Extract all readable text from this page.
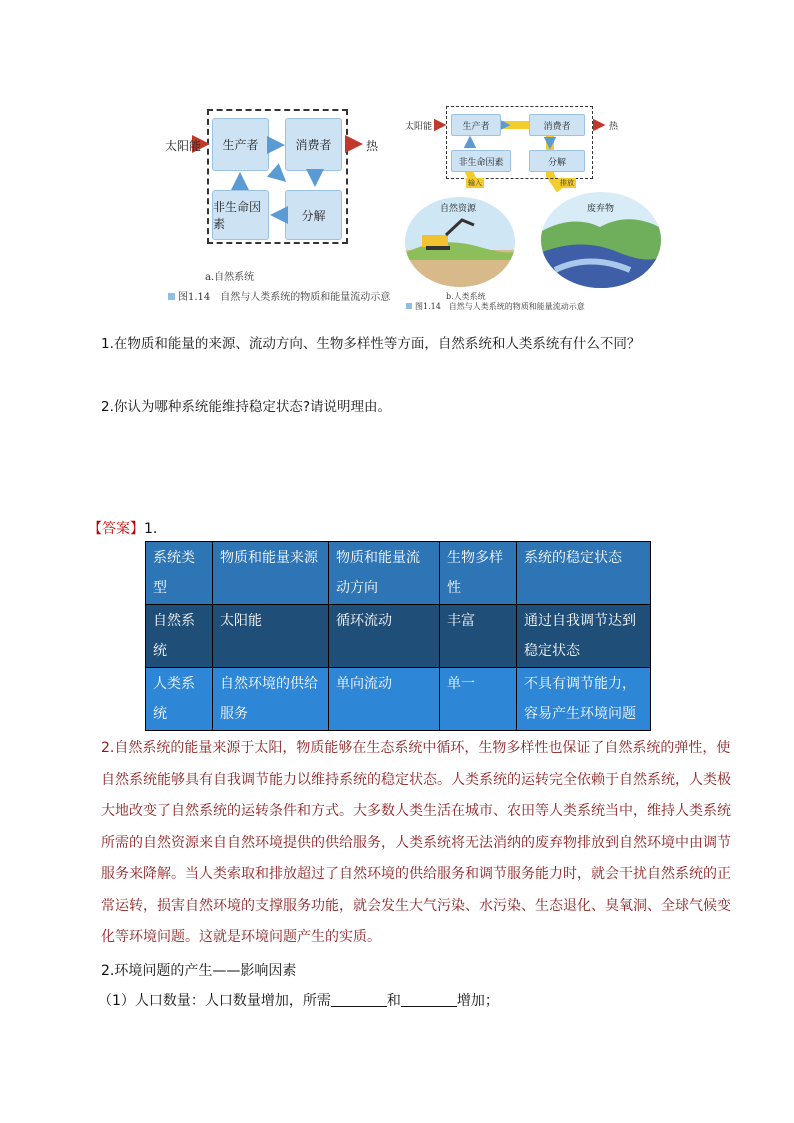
生产者	消费者
非生命因素
分解
太阳能	热
a.自然系统
图1.14　自然与人类系统的物质和能量流动示意
生产者	消费者
非生命因素	分解
太阳能	热
输入	排放
自然资源	废弃物
b.人类系统
图1.14　自然与人类系统的物质和能量流动示意
1.在物质和能量的来源、流动方向、生物多样性等方面，自然系统和人类系统有什么不同？
2.你认为哪种系统能维持稳定状态?请说明理由。
【答案】1.
系统类型	物质和能量来源	物质和能量流动方向	生物多样性	系统的稳定状态
自然系统	太阳能	循环流动	丰富	通过自我调节达到稳定状态
人类系统	自然环境的供给服务	单向流动	单一	不具有调节能力，容易产生环境问题
2.自然系统的能量来源于太阳，物质能够在生态系统中循环，生物多样性也保证了自然系统的弹性，使自然系统能够具有自我调节能力以维持系统的稳定状态。人类系统的运转完全依赖于自然系统，人类极大地改变了自然系统的运转条件和方式。大多数人类生活在城市、农田等人类系统当中，维持人类系统所需的自然资源来自自然环境提供的供给服务，人类系统将无法消纳的废弃物排放到自然环境中由调节服务来降解。当人类索取和排放超过了自然环境的供给服务和调节服务能力时，就会干扰自然系统的正常运转，损害自然环境的支撑服务功能，就会发生大气污染、水污染、生态退化、臭氧洞、全球气候变化等环境问题。这就是环境问题产生的实质。
2.环境问题的产生——影响因素
（1）人口数量：人口数量增加，所需	和	增加；
